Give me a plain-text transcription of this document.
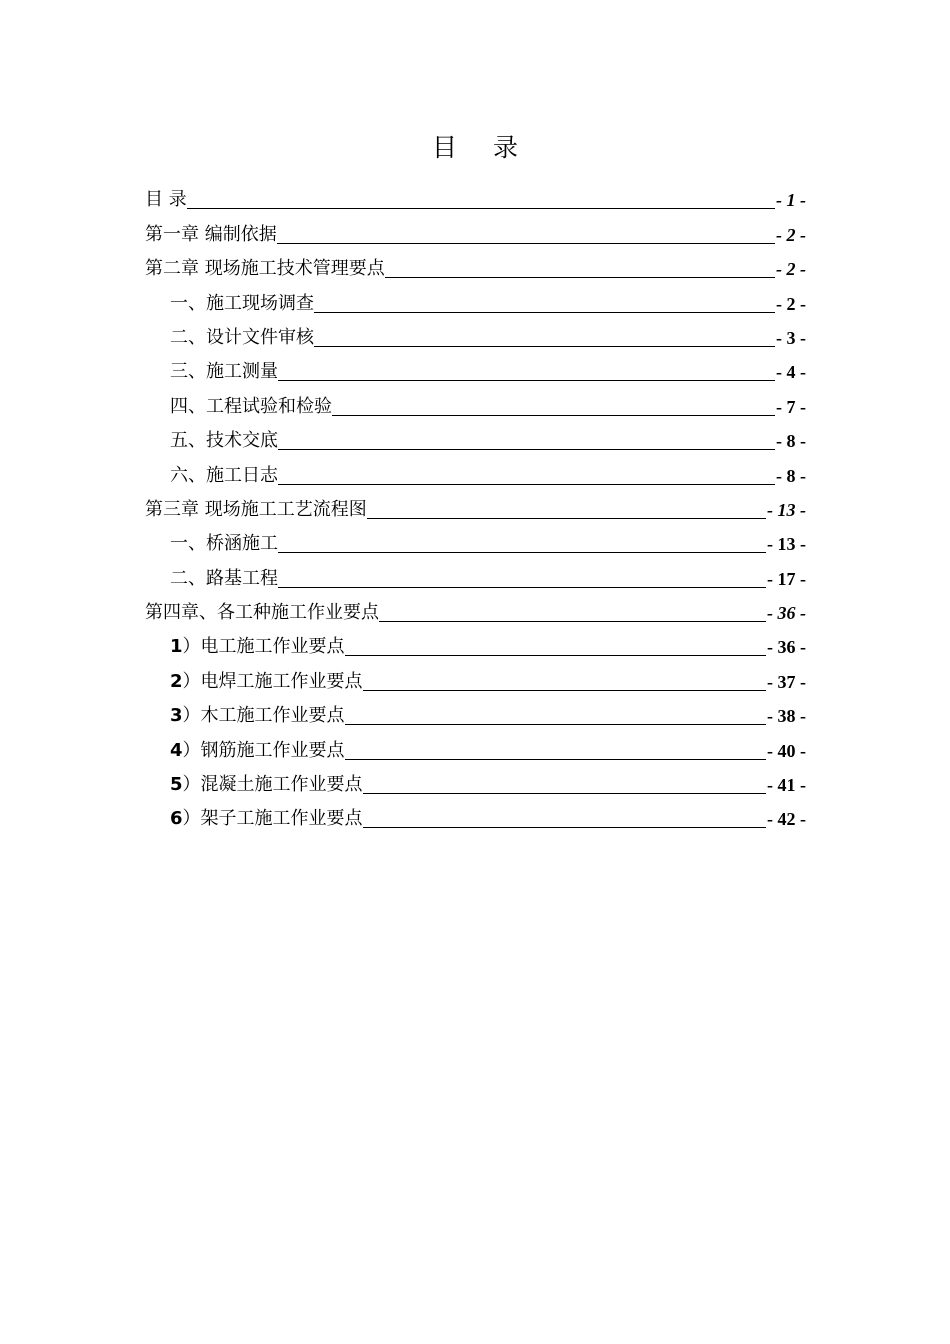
目 录
目 录	- 1 -
第一章 编制依据	- 2 -
第二章 现场施工技术管理要点	- 2 -
一、施工现场调查	- 2 -
二、设计文件审核	- 3 -
三、施工测量	- 4 -
四、工程试验和检验	- 7 -
五、技术交底	- 8 -
六、施工日志	- 8 -
第三章 现场施工工艺流程图	- 13 -
一、桥涵施工	- 13 -
二、路基工程	- 17 -
第四章、各工种施工作业要点	- 36 -
1）电工施工作业要点	- 36 -
2）电焊工施工作业要点	- 37 -
3）木工施工作业要点	- 38 -
4）钢筋施工作业要点	- 40 -
5）混凝土施工作业要点	- 41 -
6）架子工施工作业要点	- 42 -
